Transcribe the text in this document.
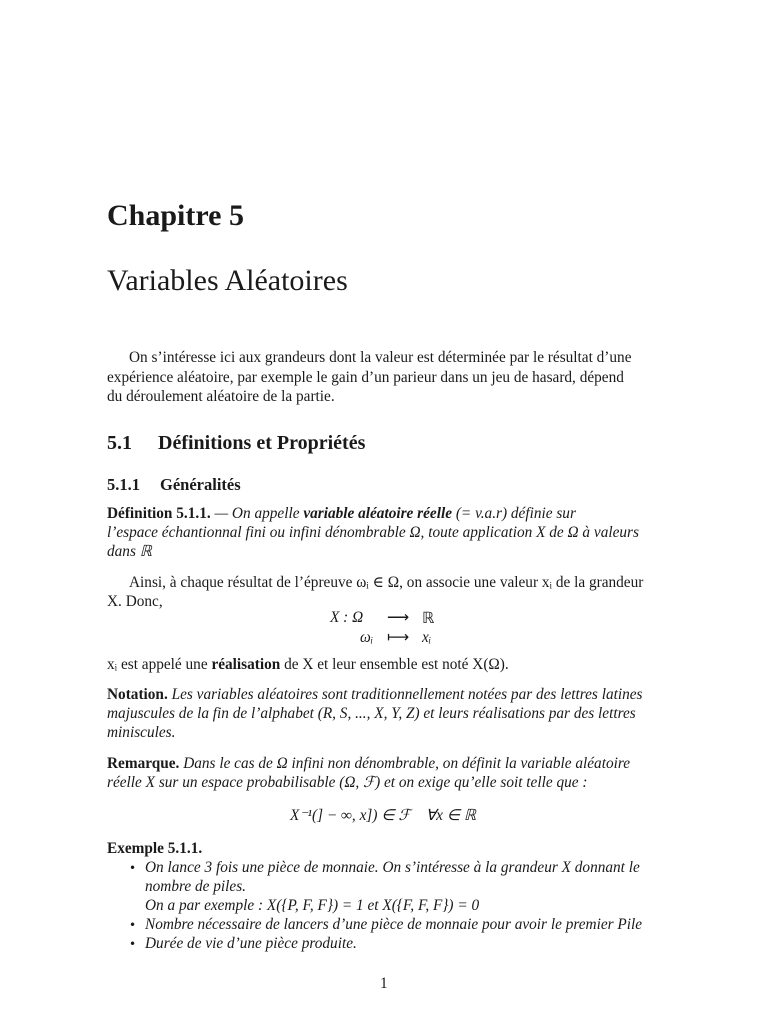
Chapitre 5
Variables Aléatoires
On s’intéresse ici aux grandeurs dont la valeur est déterminée par le résultat d’une
expérience aléatoire, par exemple le gain d’un parieur dans un jeu de hasard, dépend
du déroulement aléatoire de la partie.
5.1 Définitions et Propriétés
5.1.1 Généralités
Définition 5.1.1. — On appelle variable aléatoire réelle (= v.a.r) définie sur
l’espace échantionnal fini ou infini dénombrable Ω, toute application X de Ω à valeurs
dans ℝ
Ainsi, à chaque résultat de l’épreuve ωᵢ ∈ Ω, on associe une valeur xᵢ de la grandeur
X. Donc,
X : Ω ⟶ ℝ
ωᵢ ⟼ xᵢ
xᵢ est appelé une réalisation de X et leur ensemble est noté X(Ω).
Notation. Les variables aléatoires sont traditionnellement notées par des lettres latines
majuscules de la fin de l’alphabet (R, S, ..., X, Y, Z) et leurs réalisations par des lettres
miniscules.
Remarque. Dans le cas de Ω infini non dénombrable, on définit la variable aléatoire
réelle X sur un espace probabilisable (Ω, ℱ) et on exige qu’elle soit telle que :
X⁻¹(] − ∞, x]) ∈ ℱ    ∀x ∈ ℝ
Exemple 5.1.1.
• On lance 3 fois une pièce de monnaie. On s’intéresse à la grandeur X donnant le
nombre de piles.
On a par exemple : X({P, F, F}) = 1 et X({F, F, F}) = 0
• Nombre nécessaire de lancers d’une pièce de monnaie pour avoir le premier Pile
• Durée de vie d’une pièce produite.
1
